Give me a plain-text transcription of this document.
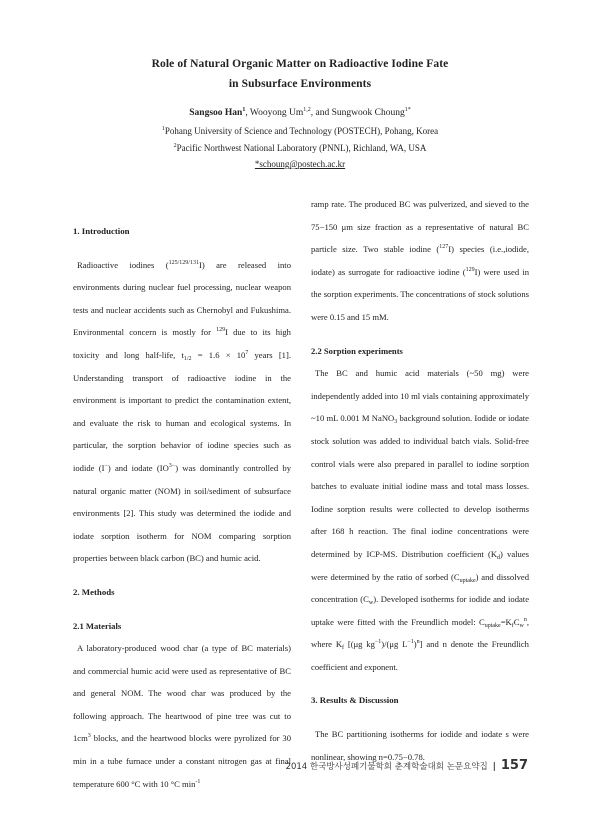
Role of Natural Organic Matter on Radioactive Iodine Fate
in Subsurface Environments
Sangsoo Han$^1$, Wooyong Um$^{1,2}$, and Sungwook Choung$^{1*}$
$^1$Pohang University of Science and Technology (POSTECH), Pohang, Korea
$^2$Pacific Northwest National Laboratory (PNNL), Richland, WA, USA
*schoung@postech.ac.kr

1. Introduction

Radioactive iodines ($^{125/129/131}$I) are released into environments during nuclear fuel processing, nuclear weapon tests and nuclear accidents such as Chernobyl and Fukushima. Environmental concern is mostly for $^{129}$I due to its high toxicity and long half-life, $t_{1/2} = 1.6 \times 10^7$ years [1]. Understanding transport of radioactive iodine in the environment is important to predict the contamination extent, and evaluate the risk to human and ecological systems. In particular, the sorption behavior of iodine species such as iodide (I−) and iodate $(IO^{3-})$ was dominantly controlled by natural organic matter (NOM) in soil/sediment of subsurface environments [2]. This study was determined the iodide and iodate sorption isotherm for NOM comparing sorption properties between black carbon (BC) and humic acid.

2. Methods

2.1 Materials

A laboratory-produced wood char (a type of BC materials) and commercial humic acid were used as representative of BC and general NOM. The wood char was produced by the following approach. The heartwood of pine tree was cut to $1cm^3$ blocks, and the heartwood blocks were pyrolized for 30 min in a tube furnace under a constant nitrogen gas at final temperature 600 °C with 10 °C $\min^{-1}$

ramp rate. The produced BC was pulverized, and sieved to the 75−150 μm size fraction as a representative of natural BC particle size. Two stable iodine ($^{127}$I) species (i.e.,iodide, iodate) as surrogate for radioactive iodine ($^{129}$I) were used in the sorption experiments. The concentrations of stock solutions were 0.15 and 15 mM.

2.2 Sorption experiments

The BC and humic acid materials (~50 mg) were independently added into 10 ml vials containing approximately ~10 mL 0.001 M NaNO$_3$ background solution. Iodide or iodate stock solution was added to individual batch vials. Solid-free control vials were also prepared in parallel to iodine sorption batches to evaluate initial iodine mass and total mass losses. Iodine sorption results were collected to develop isotherms after 168 h reaction. The final iodine concentrations were determined by ICP-MS. Distribution coefficient $(K_d)$ values were determined by the ratio of sorbed $(C_{uptake})$ and dissolved concentration $(C_w)$. Developed isotherms for iodide and iodate uptake were fitted with the Freundlich model: $C_{uptake}=K_fC_w^n$, where $K_f$ [(μg $kg^{-1})/(\mu g$ $L^{-1})^n$] and n denote the Freundlich coefficient and exponent.

3. Results & Discussion

The BC partitioning isotherms for iodide and iodate s were nonlinear, showing n=0.75−0.78.

2014 한국방사성폐기물학회 춘계학술대회 논문요약집 | 157
